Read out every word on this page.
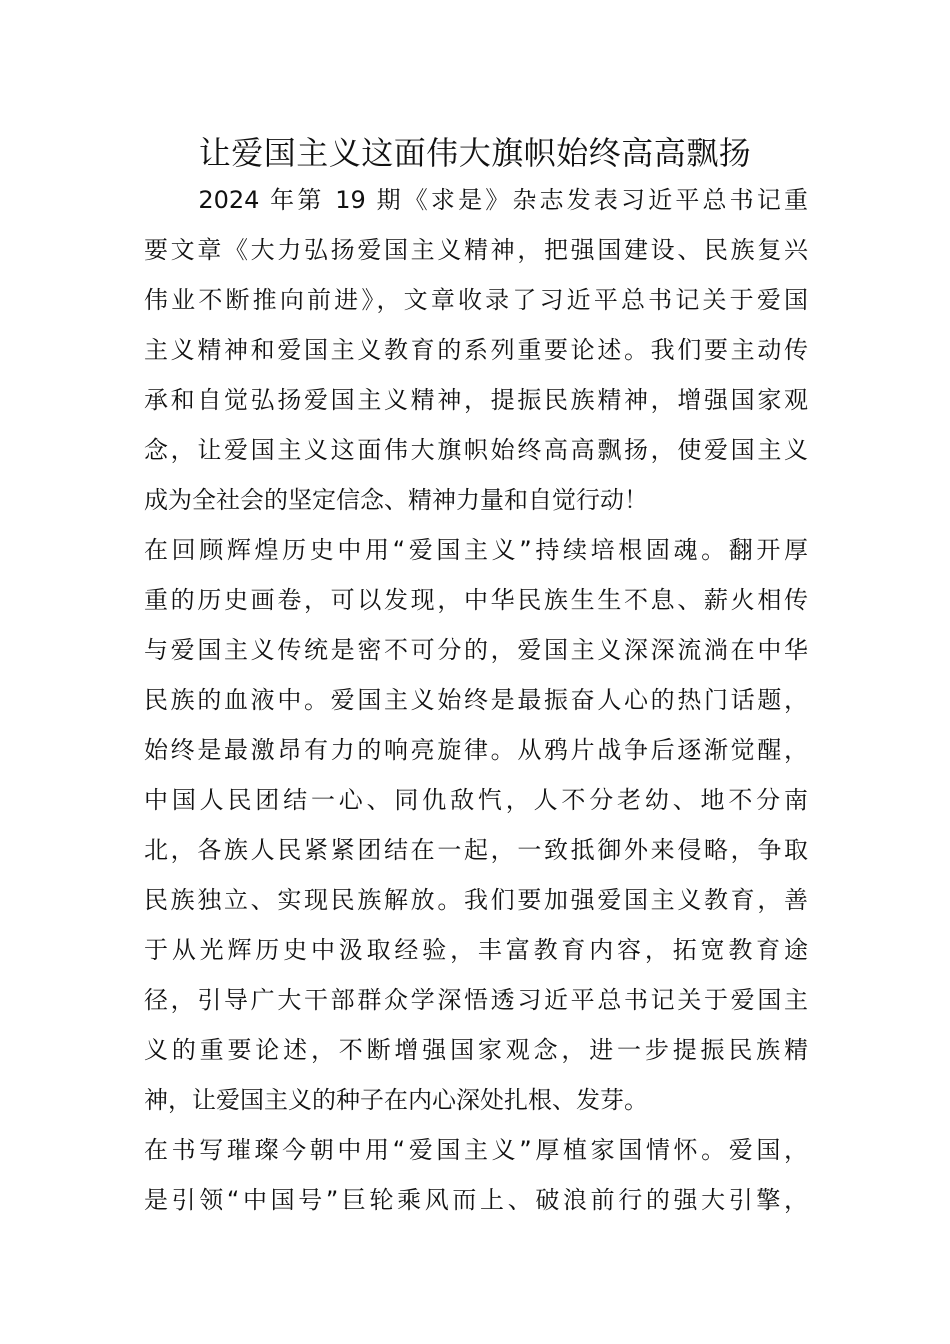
让爱国主义这面伟大旗帜始终高高飘扬
　　2024 年第 19 期《求是》杂志发表习近平总书记重
要文章《大力弘扬爱国主义精神，把强国建设、民族复兴
伟业不断推向前进》，文章收录了习近平总书记关于爱国
主义精神和爱国主义教育的系列重要论述。我们要主动传
承和自觉弘扬爱国主义精神，提振民族精神，增强国家观
念，让爱国主义这面伟大旗帜始终高高飘扬，使爱国主义
成为全社会的坚定信念、精神力量和自觉行动！
在回顾辉煌历史中用“爱国主义”持续培根固魂。翻开厚
重的历史画卷，可以发现，中华民族生生不息、薪火相传
与爱国主义传统是密不可分的，爱国主义深深流淌在中华
民族的血液中。爱国主义始终是最振奋人心的热门话题，
始终是最激昂有力的响亮旋律。从鸦片战争后逐渐觉醒，
中国人民团结一心、同仇敌忾，人不分老幼、地不分南
北，各族人民紧紧团结在一起，一致抵御外来侵略，争取
民族独立、实现民族解放。我们要加强爱国主义教育，善
于从光辉历史中汲取经验，丰富教育内容，拓宽教育途
径，引导广大干部群众学深悟透习近平总书记关于爱国主
义的重要论述，不断增强国家观念，进一步提振民族精
神，让爱国主义的种子在内心深处扎根、发芽。
在书写璀璨今朝中用“爱国主义”厚植家国情怀。爱国，
是引领“中国号”巨轮乘风而上、破浪前行的强大引擎，
